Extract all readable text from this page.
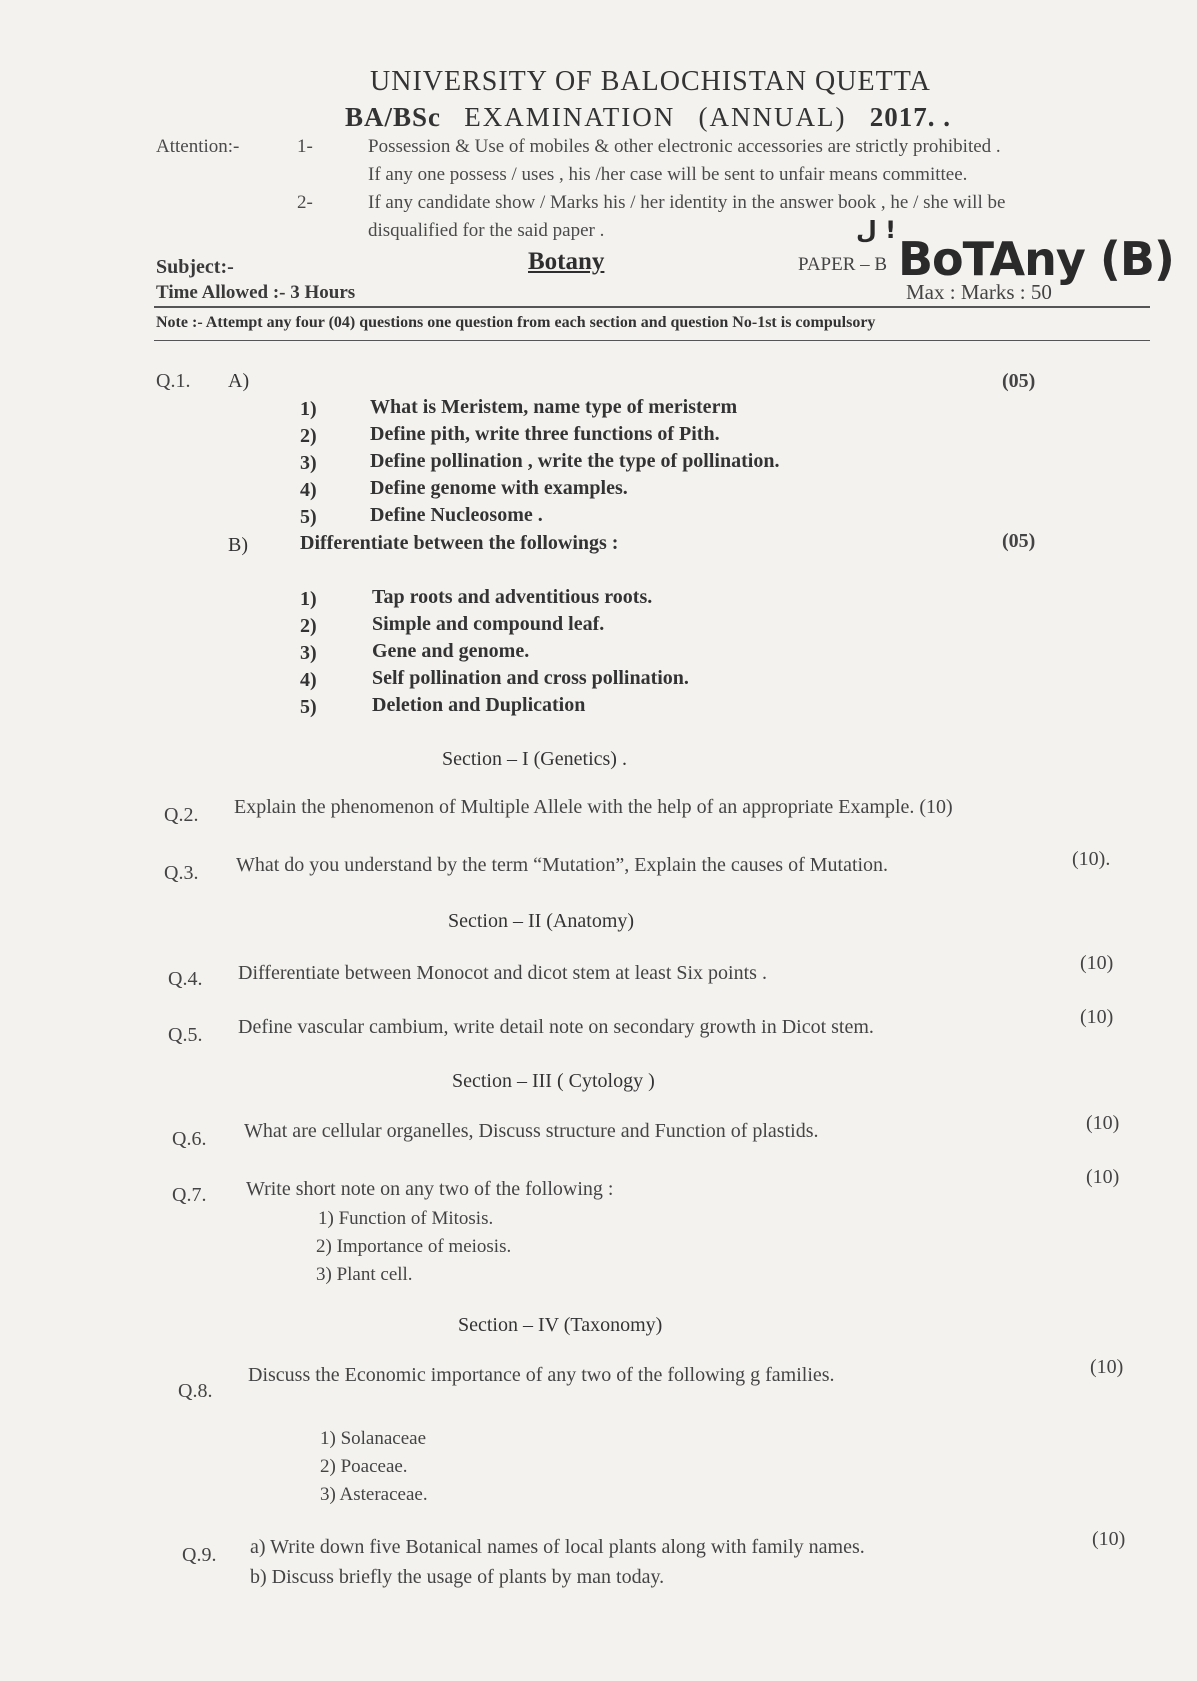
UNIVERSITY OF BALOCHISTAN QUETTA
BA/BSc EXAMINATION (ANNUAL) 2017. .
Attention:-	1-	Possession & Use of mobiles & other electronic accessories are strictly prohibited .
If any one possess / uses , his /her case will be sent to unfair means committee.
2-	If any candidate show / Marks his / her identity in the answer book , he / she will be
disqualified for the said paper .
Subject:-	Botany
ل !
PAPER – B BoTAny (B)
Time Allowed :- 3 Hours	Max : Marks : 50
Note :- Attempt any four (04) questions one question from each section and question No-1st is compulsory
Q.1. A)	(05)
1)	What is Meristem, name type of meristerm
2)	Define pith, write three functions of Pith.
3)	Define pollination , write the type of pollination.
4)	Define genome with examples.
5)	Define Nucleosome .
B)	Differentiate between the followings :	(05)
1)	Tap roots and adventitious roots.
2)	Simple and compound leaf.
3)	Gene and genome.
4)	Self pollination and cross pollination.
5)	Deletion and Duplication
Section – I (Genetics) .
Q.2. Explain the phenomenon of Multiple Allele with the help of an appropriate Example. (10)
Q.3. What do you understand by the term “Mutation”, Explain the causes of Mutation.	(10).
Section – II (Anatomy)
Q.4. Differentiate between Monocot and dicot stem at least Six points .	(10)
Q.5. Define vascular cambium, write detail note on secondary growth in Dicot stem.	(10)
Section – III ( Cytology )
Q.6. What are cellular organelles, Discuss structure and Function of plastids.	(10)
Q.7. Write short note on any two of the following :
(10)
1) Function of Mitosis.
2) Importance of meiosis.
3) Plant cell.
Section – IV (Taxonomy)
Q.8.
Discuss the Economic importance of any two of the following g families.	(10)
1) Solanaceae
2) Poaceae.
3) Asteraceae.
Q.9. a) Write down five Botanical names of local plants along with family names.
b) Discuss briefly the usage of plants by man today.
(10)
